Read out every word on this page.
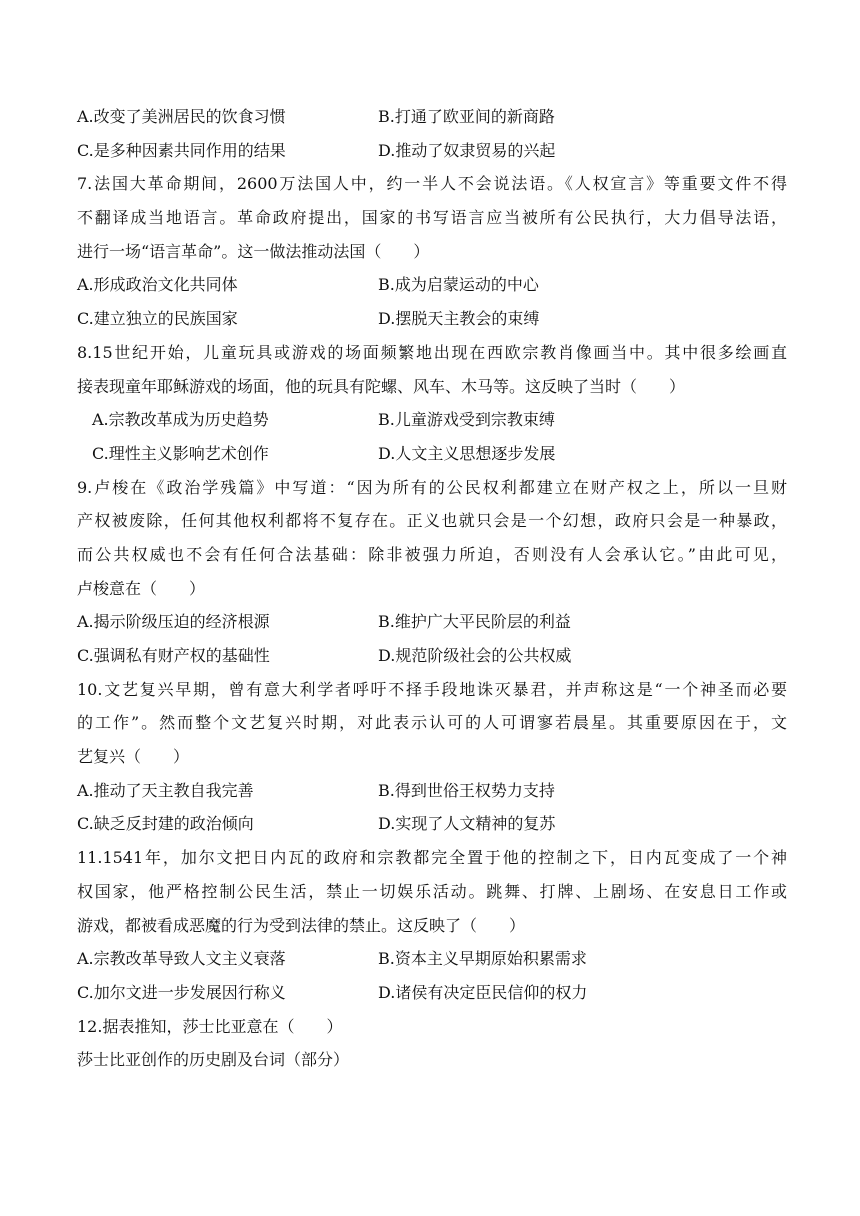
A.改变了美洲居民的饮食习惯	B.打通了欧亚间的新商路
C.是多种因素共同作用的结果	D.推动了奴隶贸易的兴起
7.法国大革命期间，2600万法国人中，约一半人不会说法语。《人权宣言》等重要文件不得
不翻译成当地语言。革命政府提出，国家的书写语言应当被所有公民执行，大力倡导法语，
进行一场“语言革命”。这一做法推动法国（　　）
A.形成政治文化共同体	B.成为启蒙运动的中心
C.建立独立的民族国家	D.摆脱天主教会的束缚
8.15世纪开始，儿童玩具或游戏的场面频繁地出现在西欧宗教肖像画当中。其中很多绘画直
接表现童年耶稣游戏的场面，他的玩具有陀螺、风车、木马等。这反映了当时（　　）
A.宗教改革成为历史趋势	B.儿童游戏受到宗教束缚
C.理性主义影响艺术创作	D.人文主义思想逐步发展
9.卢梭在《政治学残篇》中写道：“因为所有的公民权利都建立在财产权之上，所以一旦财
产权被废除，任何其他权利都将不复存在。正义也就只会是一个幻想，政府只会是一种暴政，
而公共权威也不会有任何合法基础：除非被强力所迫，否则没有人会承认它。”由此可见，
卢梭意在（　　）
A.揭示阶级压迫的经济根源	B.维护广大平民阶层的利益
C.强调私有财产权的基础性	D.规范阶级社会的公共权威
10.文艺复兴早期，曾有意大利学者呼吁不择手段地诛灭暴君，并声称这是“一个神圣而必要
的工作”。然而整个文艺复兴时期，对此表示认可的人可谓寥若晨星。其重要原因在于，文
艺复兴（　　）
A.推动了天主教自我完善	B.得到世俗王权势力支持
C.缺乏反封建的政治倾向	D.实现了人文精神的复苏
11.1541年，加尔文把日内瓦的政府和宗教都完全置于他的控制之下，日内瓦变成了一个神
权国家，他严格控制公民生活，禁止一切娱乐活动。跳舞、打牌、上剧场、在安息日工作或
游戏，都被看成恶魔的行为受到法律的禁止。这反映了（　　）
A.宗教改革导致人文主义衰落	B.资本主义早期原始积累需求
C.加尔文进一步发展因行称义	D.诸侯有决定臣民信仰的权力
12.据表推知，莎士比亚意在（　　）
莎士比亚创作的历史剧及台词（部分）
